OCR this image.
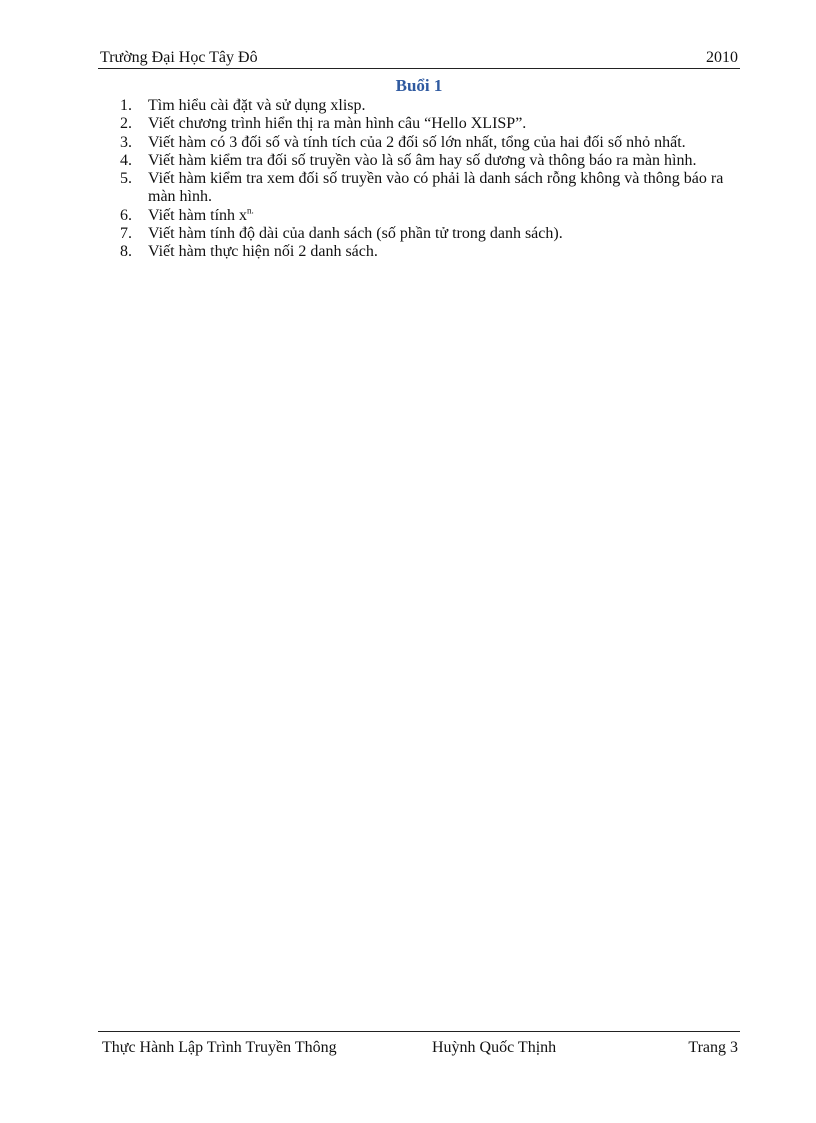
Trường Đại Học Tây Đô	2010
Buổi 1
1. Tìm hiểu cài đặt và sử dụng xlisp.
2. Viết chương trình hiển thị ra màn hình câu “Hello XLISP”.
3. Viết hàm có 3 đối số và tính tích của 2 đối số lớn nhất, tổng của hai đối số nhỏ nhất.
4. Viết hàm kiểm tra đối số truyền vào là số âm hay số dương và thông báo ra màn hình.
5. Viết hàm kiểm tra xem đối số truyền vào có phải là danh sách rỗng không và thông báo ra màn hình.
6. Viết hàm tính $x^{n.}$
7. Viết hàm tính độ dài của danh sách (số phần tử trong danh sách).
8. Viết hàm thực hiện nối 2 danh sách.
Thực Hành Lập Trình Truyền Thông	Huỳnh Quốc Thịnh	Trang 3
